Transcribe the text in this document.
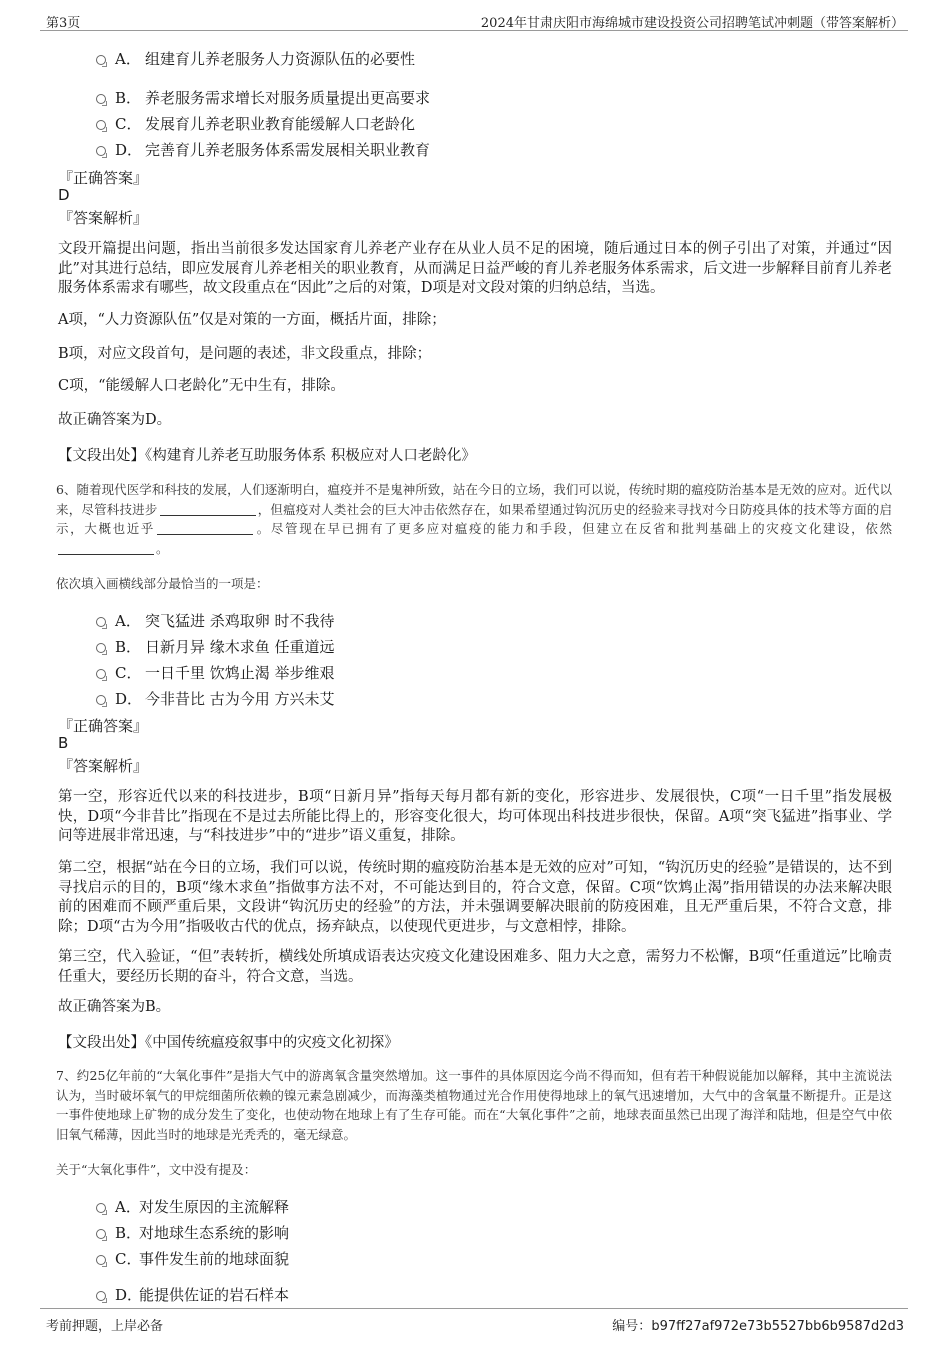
第3页	2024年甘肃庆阳市海绵城市建设投资公司招聘笔试冲刺题（带答案解析）
A． 组建育儿养老服务人力资源队伍的必要性
B． 养老服务需求增长对服务质量提出更高要求
C． 发展育儿养老职业教育能缓解人口老龄化
D． 完善育儿养老服务体系需发展相关职业教育
『正确答案』
D
『答案解析』
文段开篇提出问题，指出当前很多发达国家育儿养老产业存在从业人员不足的困境，随后通过日本的例子引出了对策，并通过“因此”对其进行总结，即应发展育儿养老相关的职业教育，从而满足日益严峻的育儿养老服务体系需求，后文进一步解释目前育儿养老服务体系需求有哪些，故文段重点在“因此”之后的对策，D项是对文段对策的归纳总结，当选。
A项，“人力资源队伍”仅是对策的一方面，概括片面，排除；
B项，对应文段首句，是问题的表述，非文段重点，排除；
C项，“能缓解人口老龄化”无中生有，排除。
故正确答案为D。
【文段出处】《构建育儿养老互助服务体系 积极应对人口老龄化》
6、随着现代医学和科技的发展，人们逐渐明白，瘟疫并不是鬼神所致，站在今日的立场，我们可以说，传统时期的瘟疫防治基本是无效的应对。近代以来，尽管科技进步	，但瘟疫对人类社会的巨大冲击依然存在，如果希望通过钩沉历史的经验来寻找对今日防疫具体的技术等方面的启示，大概也近乎	。尽管现在早已拥有了更多应对瘟疫的能力和手段，但建立在反省和批判基础上的灾疫文化建设，依然。
依次填入画横线部分最恰当的一项是：
A． 突飞猛进 杀鸡取卵 时不我待
B． 日新月异 缘木求鱼 任重道远
C． 一日千里 饮鸩止渴 举步维艰
D． 今非昔比 古为今用 方兴未艾
『正确答案』
B
『答案解析』
第一空，形容近代以来的科技进步，B项“日新月异”指每天每月都有新的变化，形容进步、发展很快，C项“一日千里”指发展极快，D项“今非昔比”指现在不是过去所能比得上的，形容变化很大，均可体现出科技进步很快，保留。A项“突飞猛进”指事业、学问等进展非常迅速，与“科技进步”中的“进步”语义重复，排除。
第二空，根据“站在今日的立场，我们可以说，传统时期的瘟疫防治基本是无效的应对”可知，“钩沉历史的经验”是错误的，达不到寻找启示的目的，B项“缘木求鱼”指做事方法不对，不可能达到目的，符合文意，保留。C项“饮鸩止渴”指用错误的办法来解决眼前的困难而不顾严重后果，文段讲“钩沉历史的经验”的方法，并未强调要解决眼前的防疫困难，且无严重后果，不符合文意，排除；D项“古为今用”指吸收古代的优点，扬弃缺点，以使现代更进步，与文意相悖，排除。
第三空，代入验证，“但”表转折，横线处所填成语表达灾疫文化建设困难多、阻力大之意，需努力不松懈，B项“任重道远”比喻责任重大，要经历长期的奋斗，符合文意，当选。
故正确答案为B。
【文段出处】《中国传统瘟疫叙事中的灾疫文化初探》
7、约25亿年前的“大氧化事件”是指大气中的游离氧含量突然增加。这一事件的具体原因迄今尚不得而知，但有若干种假说能加以解释，其中主流说法认为，当时破坏氧气的甲烷细菌所依赖的镍元素急剧减少，而海藻类植物通过光合作用使得地球上的氧气迅速增加，大气中的含氧量不断提升。正是这一事件使地球上矿物的成分发生了变化，也使动物在地球上有了生存可能。而在“大氧化事件”之前，地球表面虽然已出现了海洋和陆地，但是空气中依旧氧气稀薄，因此当时的地球是光秃秃的，毫无绿意。
关于“大氧化事件”，文中没有提及：
A．对发生原因的主流解释
B．对地球生态系统的影响
C．事件发生前的地球面貌
D．能提供佐证的岩石样本
考前押题，上岸必备	编号：b97ff27af972e73b5527bb6b9587d2d3
